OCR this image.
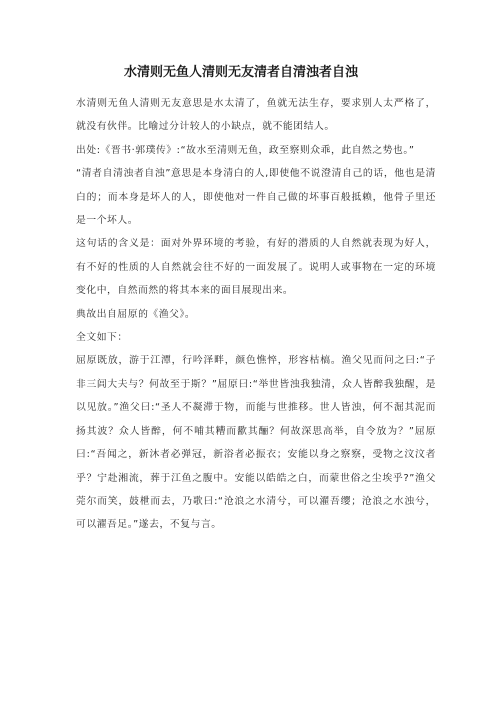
水清则无鱼人清则无友清者自清浊者自浊

水清则无鱼人清则无友意思是水太清了，鱼就无法生存，要求别人太严格了，就没有伙伴。比喻过分计较人的小缺点，就不能团结人。

出处:《晋书·郭璞传》:“故水至清则无鱼，政至察则众乖，此自然之势也。”

“清者自清浊者自浊”意思是本身清白的人,即使他不说澄清自己的话，他也是清白的；而本身是坏人的人，即使他对一件自己做的坏事百般抵赖，他骨子里还是一个坏人。

这句话的含义是：面对外界环境的考验，有好的潜质的人自然就表现为好人，有不好的性质的人自然就会往不好的一面发展了。说明人或事物在一定的环境变化中，自然而然的将其本来的面目展现出来。

典故出自屈原的《渔父》。

全文如下：

屈原既放，游于江潭，行吟泽畔，颜色憔悴，形容枯槁。渔父见而问之曰:“子非三闾大夫与？何故至于斯？”屈原曰:“举世皆浊我独清，众人皆醉我独醒，是以见放。”渔父曰:“圣人不凝滞于物，而能与世推移。世人皆浊，何不淈其泥而扬其波？众人皆醉，何不哺其糟而歠其酾？何故深思高举，自令放为？”屈原曰:“吾闻之，新沐者必弹冠，新浴者必振衣；安能以身之察察，受物之汶汶者乎？宁赴湘流，葬于江鱼之腹中。安能以皓皓之白，而蒙世俗之尘埃乎?”渔父莞尔而笑，鼓枻而去，乃歌曰:“沧浪之水清兮，可以濯吾缨；沧浪之水浊兮，可以濯吾足。”遂去，不复与言。
